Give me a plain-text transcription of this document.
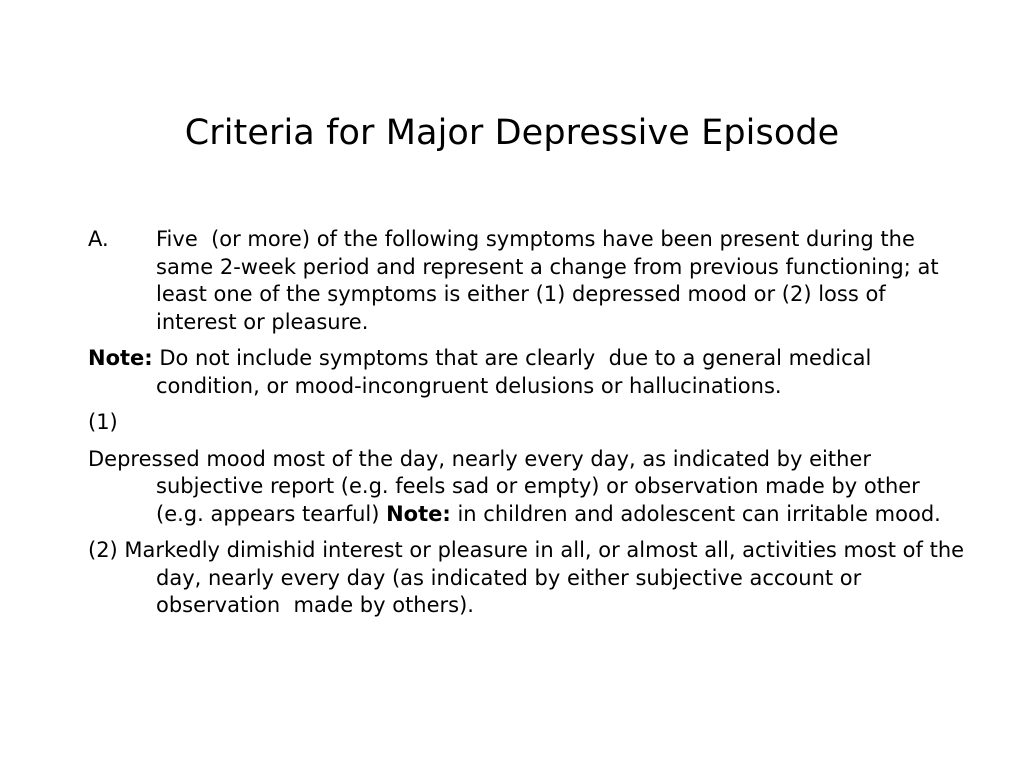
Criteria for Major Depressive Episode

A. Five  (or more) of the following symptoms have been present during the same 2-week period and represent a change from previous functioning; at least one of the symptoms is either (1) depressed mood or (2) loss of interest or pleasure.

Note: Do not include symptoms that are clearly  due to a general medical condition, or mood-incongruent delusions or hallucinations.

(1)

Depressed mood most of the day, nearly every day, as indicated by either subjective report (e.g. feels sad or empty) or observation made by other (e.g. appears tearful) Note: in children and adolescent can irritable mood.

(2) Markedly dimishid interest or pleasure in all, or almost all, activities most of the day, nearly every day (as indicated by either subjective account or observation  made by others).
